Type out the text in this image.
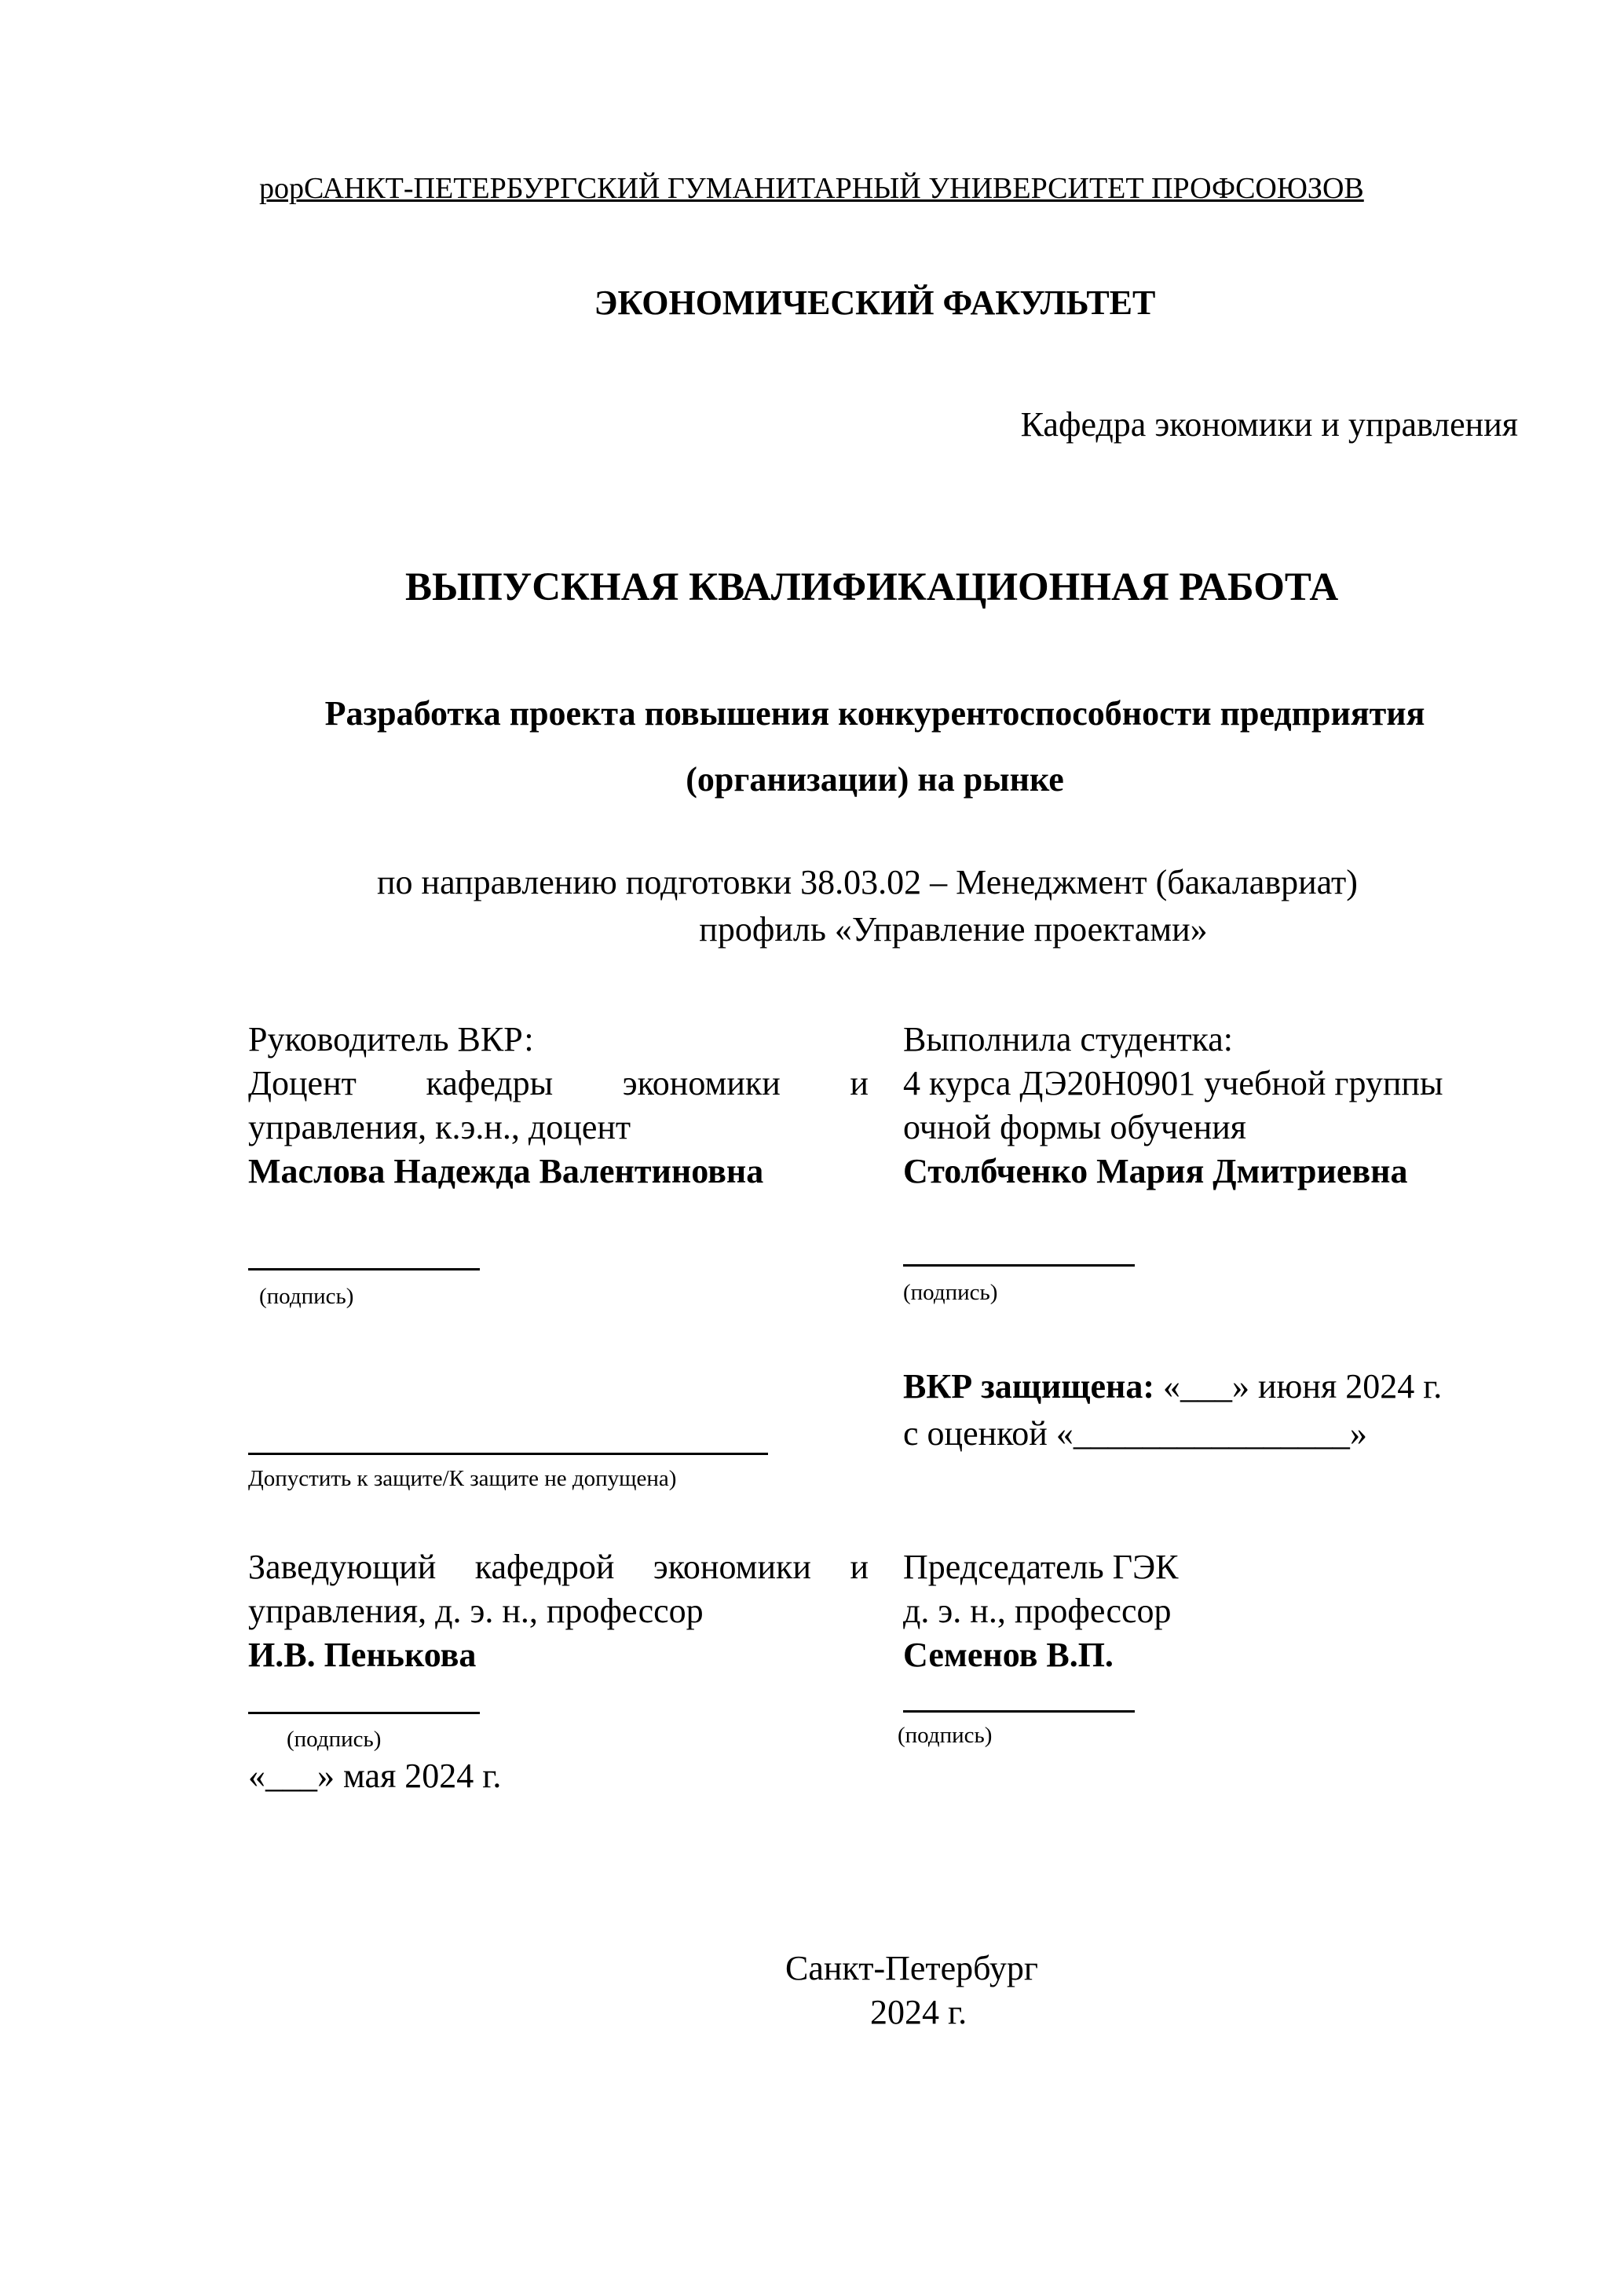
рорСАНКТ-ПЕТЕРБУРГСКИЙ ГУМАНИТАРНЫЙ УНИВЕРСИТЕТ ПРОФСОЮЗОВ
ЭКОНОМИЧЕСКИЙ ФАКУЛЬТЕТ
Кафедра экономики и управления
ВЫПУСКНАЯ КВАЛИФИКАЦИОННАЯ РАБОТА
Разработка проекта повышения конкурентоспособности предприятия
(организации) на рынке
по направлению подготовки 38.03.02 – Менеджмент (бакалавриат)
профиль «Управление проектами»
Руководитель ВКР:
Доцент кафедры экономики и
управления, к.э.н., доцент
Маслова Надежда Валентиновна
Выполнила студентка:
4 курса ДЭ20Н0901 учебной группы
очной формы обучения
Столбченко Мария Дмитриевна
(подпись)	(подпись)
ВКР защищена: «___» июня 2024 г.
с оценкой «________________»
Допустить к защите/К защите не допущена)
Заведующий кафедрой экономики и
управления, д. э. н., профессор
И.В. Пенькова
Председатель ГЭК
д. э. н., профессор
Семенов В.П.
(подпись)
«___» мая 2024 г.
(подпись)
Санкт-Петербург
2024 г.
